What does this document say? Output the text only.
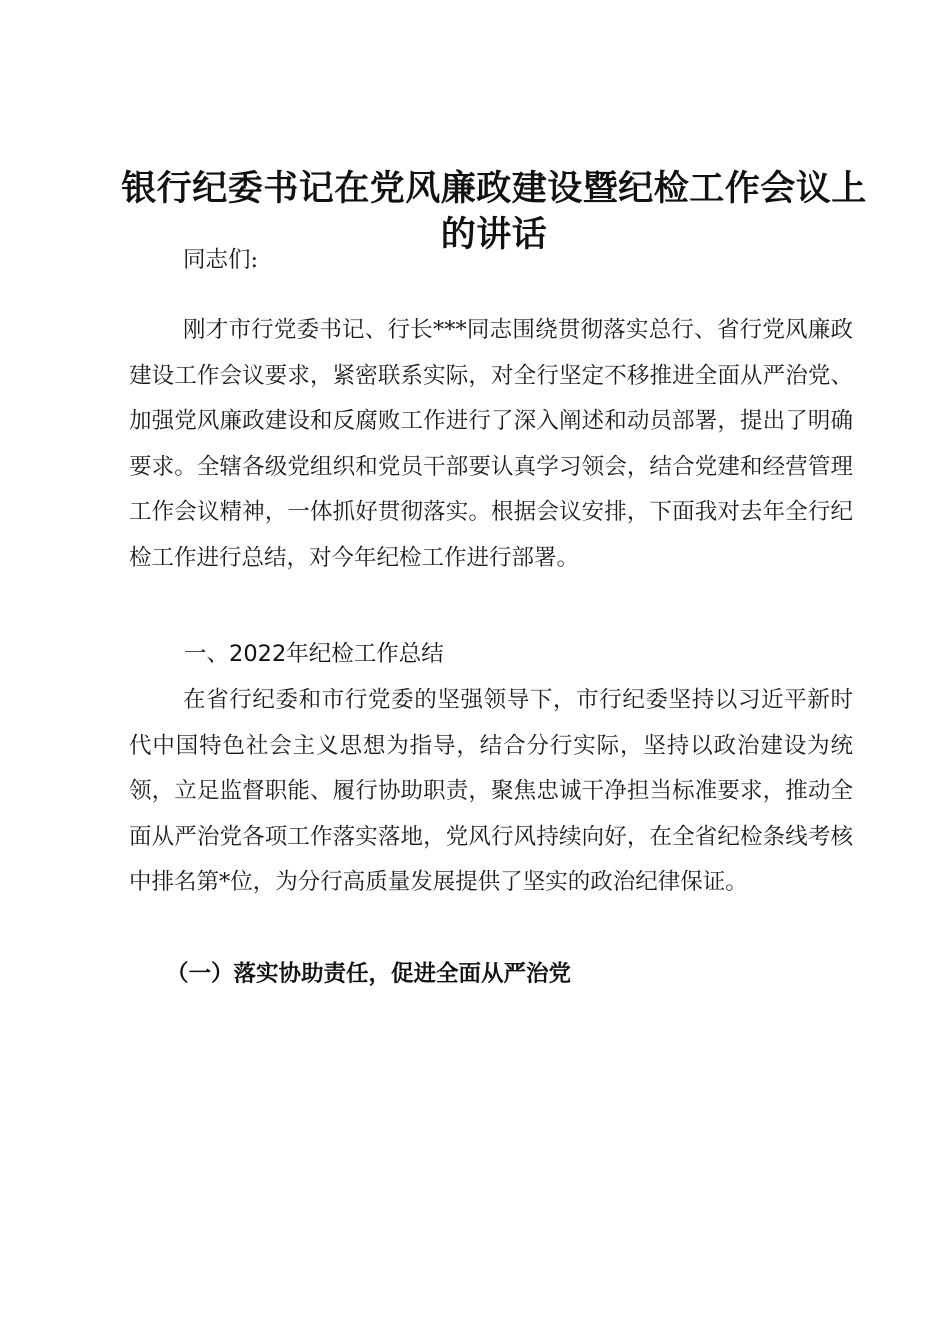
银行纪委书记在党风廉政建设暨纪检工作会议上的讲话

同志们:

刚才市行党委书记、行长***同志围绕贯彻落实总行、省行党风廉政建设工作会议要求，紧密联系实际，对全行坚定不移推进全面从严治党、加强党风廉政建设和反腐败工作进行了深入阐述和动员部署，提出了明确要求。全辖各级党组织和党员干部要认真学习领会，结合党建和经营管理工作会议精神，一体抓好贯彻落实。根据会议安排，下面我对去年全行纪检工作进行总结，对今年纪检工作进行部署。

一、2022年纪检工作总结

在省行纪委和市行党委的坚强领导下，市行纪委坚持以习近平新时代中国特色社会主义思想为指导，结合分行实际，坚持以政治建设为统领，立足监督职能、履行协助职责，聚焦忠诚干净担当标准要求，推动全面从严治党各项工作落实落地，党风行风持续向好，在全省纪检条线考核中排名第*位，为分行高质量发展提供了坚实的政治纪律保证。

（一）落实协助责任，促进全面从严治党
